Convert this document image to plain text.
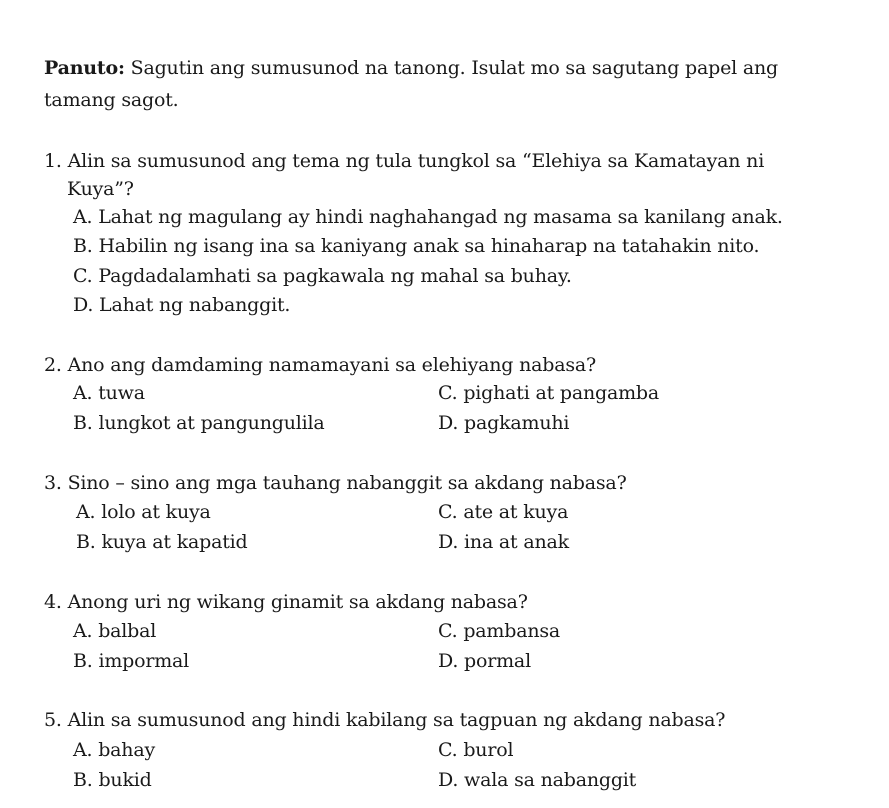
Panuto: Sagutin ang sumusunod na tanong. Isulat mo sa sagutang papel ang
tamang sagot.
1. Alin sa sumusunod ang tema ng tula tungkol sa “Elehiya sa Kamatayan ni
Kuya”?
A. Lahat ng magulang ay hindi naghahangad ng masama sa kanilang anak.
B. Habilin ng isang ina sa kaniyang anak sa hinaharap na tatahakin nito.
C. Pagdadalamhati sa pagkawala ng mahal sa buhay.
D. Lahat ng nabanggit.
2. Ano ang damdaming namamayani sa elehiyang nabasa?
A. tuwa	C. pighati at pangamba
B. lungkot at pangungulila	D. pagkamuhi
3. Sino – sino ang mga tauhang nabanggit sa akdang nabasa?
A. lolo at kuya	C. ate at kuya
B. kuya at kapatid	D. ina at anak
4. Anong uri ng wikang ginamit sa akdang nabasa?
A. balbal	C. pambansa
B. impormal	D. pormal
5. Alin sa sumusunod ang hindi kabilang sa tagpuan ng akdang nabasa?
A. bahay	C. burol
B. bukid	D. wala sa nabanggit
